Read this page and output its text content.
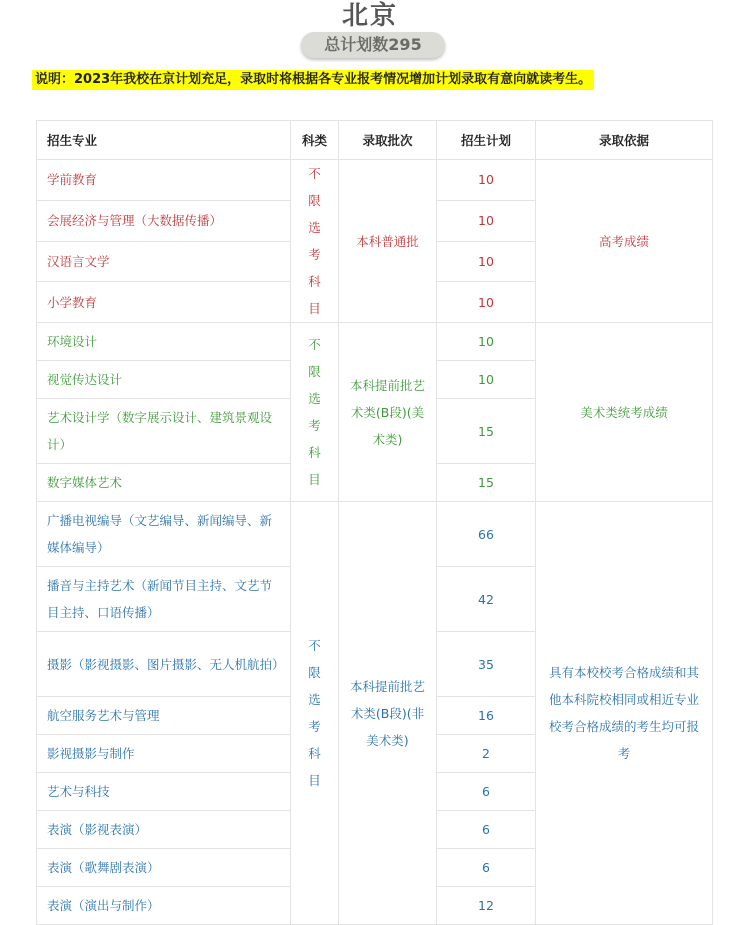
北京
总计划数295
说明：2023年我校在京计划充足，录取时将根据各专业报考情况增加计划录取有意向就读考生。
招生专业	科类	录取批次	招生计划	录取依据
学前教育	不限选考科目	本科普通批	10	高考成绩
会展经济与管理（大数据传播）			10	
汉语言文学			10	
小学教育			10	
环境设计	不限选考科目	本科提前批艺术类(B段)(美术类)	10	美术类统考成绩
视觉传达设计			10	
艺术设计学（数字展示设计、建筑景观设计）			15	
数字媒体艺术			15	
广播电视编导（文艺编导、新闻编导、新媒体编导）	不限选考科目	本科提前批艺术类(B段)(非美术类)	66	具有本校校考合格成绩和其他本科院校相同或相近专业校考合格成绩的考生均可报考
播音与主持艺术（新闻节目主持、文艺节目主持、口语传播）			42	
摄影（影视摄影、图片摄影、无人机航拍）			35	
航空服务艺术与管理			16	
影视摄影与制作			2	
艺术与科技			6	
表演（影视表演）			6	
表演（歌舞剧表演）			6	
表演（演出与制作）			12	
